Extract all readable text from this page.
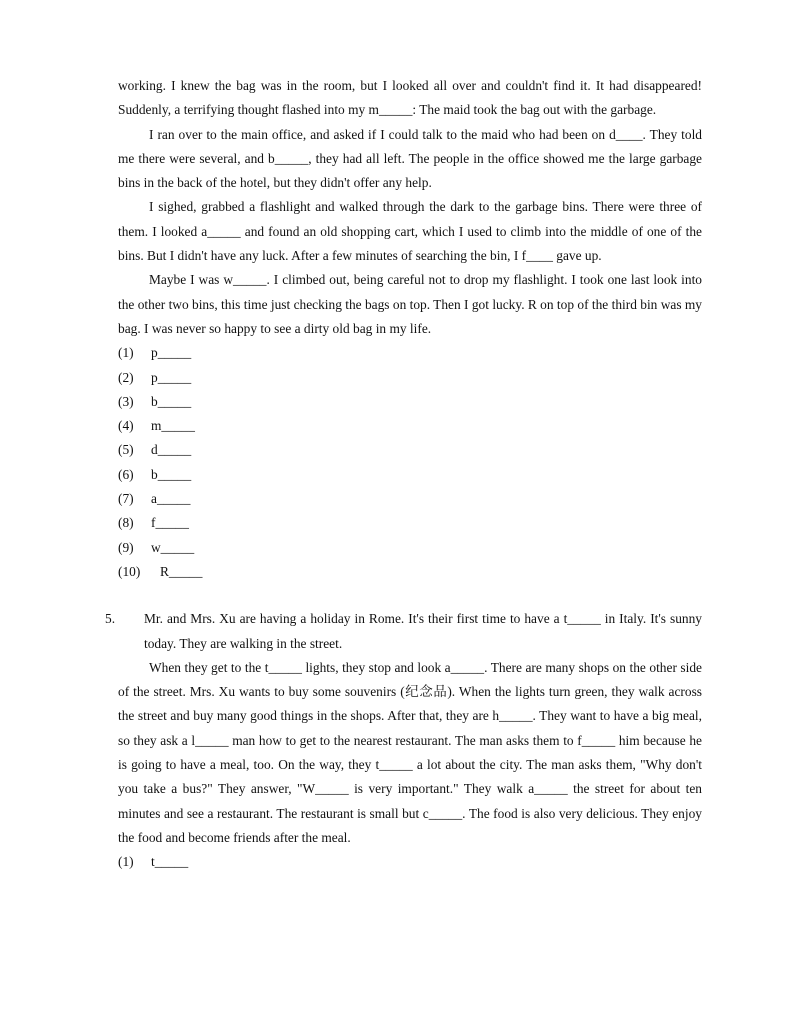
working. I knew the bag was in the room, but I looked all over and couldn't find it. It had disappeared! Suddenly, a terrifying thought flashed into my m_____: The maid took the bag out with the garbage.

I ran over to the main office, and asked if I could talk to the maid who had been on d____. They told me there were several, and b_____, they had all left. The people in the office showed me the large garbage bins in the back of the hotel, but they didn't offer any help.

I sighed, grabbed a flashlight and walked through the dark to the garbage bins. There were three of them. I looked a_____ and found an old shopping cart, which I used to climb into the middle of one of the bins. But I didn't have any luck. After a few minutes of searching the bin, I f____ gave up.

Maybe I was w_____. I climbed out, being careful not to drop my flashlight. I took one last look into the other two bins, this time just checking the bags on top. Then I got lucky. R on top of the third bin was my bag. I was never so happy to see a dirty old bag in my life.

(1)	p_____
(2)	p_____
(3)	b_____
(4)	m_____
(5)	d_____
(6)	b_____
(7)	a_____
(8)	f_____
(9)	w_____
(10)	R_____
5.	Mr. and Mrs. Xu are having a holiday in Rome. It's their first time to have a t_____ in Italy. It's sunny today. They are walking in the street.

When they get to the t_____ lights, they stop and look a_____. There are many shops on the other side of the street. Mrs. Xu wants to buy some souvenirs (纪念品). When the lights turn green, they walk across the street and buy many good things in the shops. After that, they are h_____. They want to have a big meal, so they ask a l_____ man how to get to the nearest restaurant. The man asks them to f_____ him because he is going to have a meal, too. On the way, they t_____ a lot about the city. The man asks them, "Why don't you take a bus?" They answer, "W_____ is very important." They walk a_____ the street for about ten minutes and see a restaurant. The restaurant is small but c_____. The food is also very delicious. They enjoy the food and become friends after the meal.

(1)	t_____
